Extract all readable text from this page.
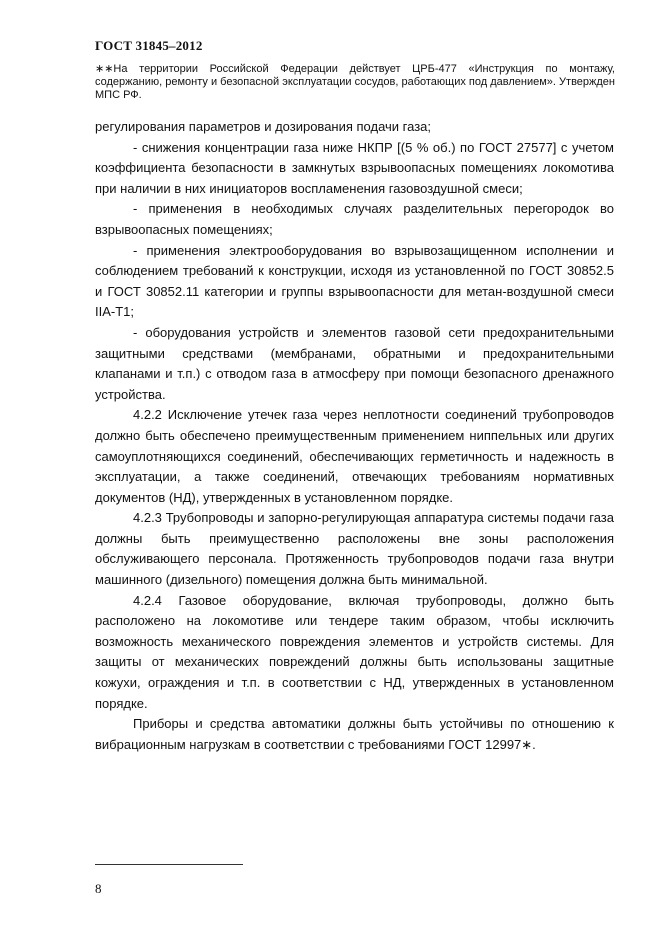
ГОСТ 31845–2012
∗∗На территории Российской Федерации действует ЦРБ-477 «Инструкция по монтажу, содержанию, ремонту и безопасной эксплуатации сосудов, работающих под давлением». Утвержден МПС РФ.

регулирования параметров и дозирования подачи газа;

- снижения концентрации газа ниже НКПР [(5 % об.) по ГОСТ 27577] с учетом коэффициента безопасности в замкнутых взрывоопасных помещениях локомотива при наличии в них инициаторов воспламенения газовоздушной смеси;

- применения в необходимых случаях разделительных перегородок во взрывоопасных помещениях;

- применения электрооборудования во взрывозащищенном исполнении и соблюдением требований к конструкции, исходя из установленной по ГОСТ 30852.5 и ГОСТ 30852.11 категории и группы взрывоопасности для метан-воздушной смеси IIA-T1;

- оборудования устройств и элементов газовой сети предохранительными защитными средствами (мембранами, обратными и предохранительными клапанами и т.п.) с отводом газа в атмосферу при помощи безопасного дренажного устройства.

4.2.2 Исключение утечек газа через неплотности соединений трубопроводов должно быть обеспечено преимущественным применением ниппельных или других самоуплотняющихся соединений, обеспечивающих герметичность и надежность в эксплуатации, а также соединений, отвечающих требованиям нормативных документов (НД), утвержденных в установленном порядке.

4.2.3 Трубопроводы и запорно-регулирующая аппаратура системы подачи газа должны быть преимущественно расположены вне зоны расположения обслуживающего персонала. Протяженность трубопроводов подачи газа внутри машинного (дизельного) помещения должна быть минимальной.

4.2.4 Газовое оборудование, включая трубопроводы, должно быть расположено на локомотиве или тендере таким образом, чтобы исключить возможность механического повреждения элементов и устройств системы. Для защиты от механических повреждений должны быть использованы защитные кожухи, ограждения и т.п. в соответствии с НД, утвержденных в установленном порядке.

Приборы и средства автоматики должны быть устойчивы по отношению к вибрационным нагрузкам в соответствии с требованиями ГОСТ 12997∗.

8
